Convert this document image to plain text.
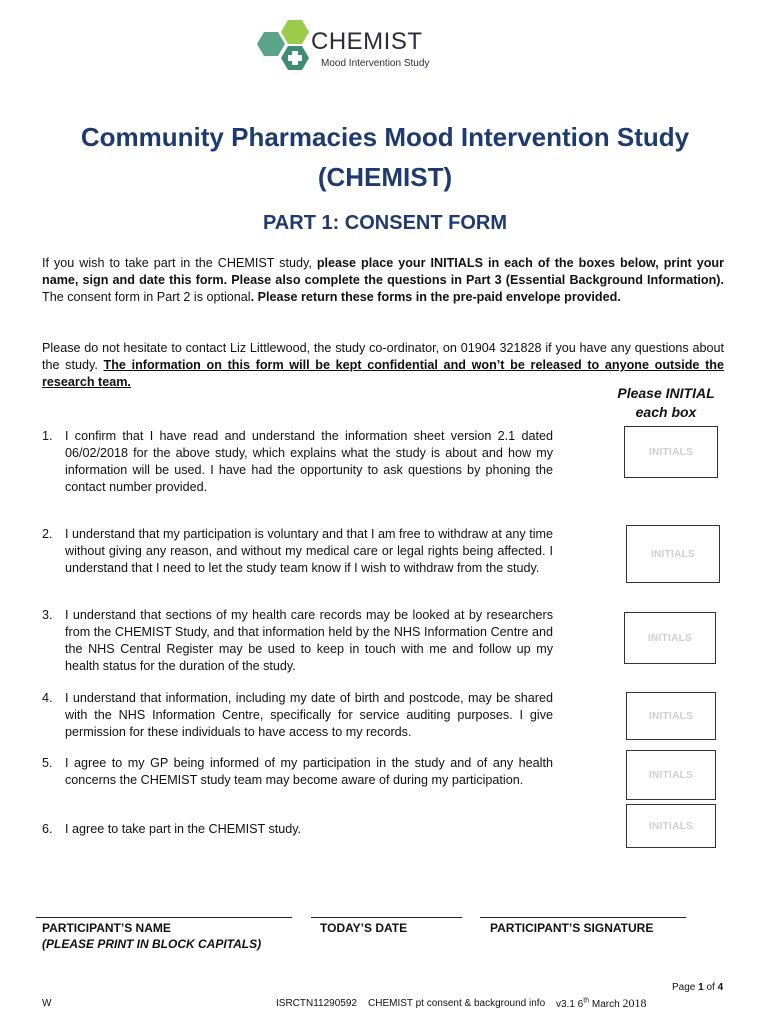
CHEMIST
Mood Intervention Study
Community Pharmacies Mood Intervention Study
(CHEMIST)
PART 1: CONSENT FORM
If you wish to take part in the CHEMIST study, please place your INITIALS in each of the boxes below, print your name, sign and date this form. Please also complete the questions in Part 3 (Essential Background Information). The consent form in Part 2 is optional. Please return these forms in the pre-paid envelope provided.
Please do not hesitate to contact Liz Littlewood, the study co-ordinator, on 01904 321828 if you have any questions about the study. The information on this form will be kept confidential and won’t be released to anyone outside the research team.
Please INITIAL
each box
1. I confirm that I have read and understand the information sheet version 2.1 dated 06/02/2018 for the above study, which explains what the study is about and how my information will be used. I have had the opportunity to ask questions by phoning the contact number provided.
INITIALS
2. I understand that my participation is voluntary and that I am free to withdraw at any time without giving any reason, and without my medical care or legal rights being affected. I understand that I need to let the study team know if I wish to withdraw from the study.
INITIALS
3. I understand that sections of my health care records may be looked at by researchers from the CHEMIST Study, and that information held by the NHS Information Centre and the NHS Central Register may be used to keep in touch with me and follow up my health status for the duration of the study.
INITIALS
4. I understand that information, including my date of birth and postcode, may be shared with the NHS Information Centre, specifically for service auditing purposes. I give permission for these individuals to have access to my records.
INITIALS
5. I agree to my GP being informed of my participation in the study and of any health concerns the CHEMIST study team may become aware of during my participation.	INITIALS
6. I agree to take part in the CHEMIST study.	INITIALS
PARTICIPANT’S NAME
(PLEASE PRINT IN BLOCK CAPITALS)
TODAY’S DATE	PARTICIPANT’S SIGNATURE
Page 1 of 4
W	ISRCTN11290592 CHEMIST pt consent & background info v3.1 6th March 2018
